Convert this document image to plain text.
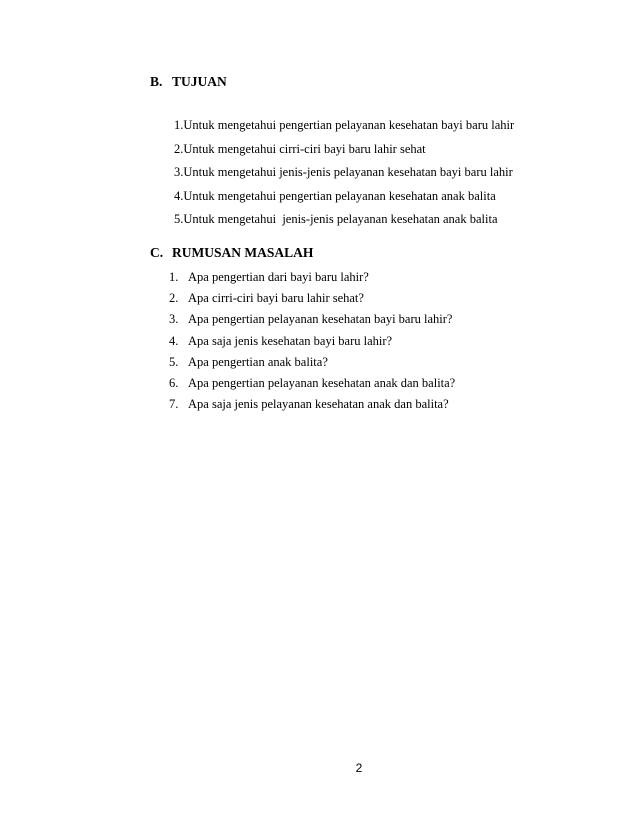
B. TUJUAN
1.Untuk mengetahui pengertian pelayanan kesehatan bayi baru lahir
2.Untuk mengetahui cirri-ciri bayi baru lahir sehat
3.Untuk mengetahui jenis-jenis pelayanan kesehatan bayi baru lahir
4.Untuk mengetahui pengertian pelayanan kesehatan anak balita
5.Untuk mengetahui  jenis-jenis pelayanan kesehatan anak balita
C. RUMUSAN MASALAH
1. Apa pengertian dari bayi baru lahir?
2. Apa cirri-ciri bayi baru lahir sehat?
3. Apa pengertian pelayanan kesehatan bayi baru lahir?
4. Apa saja jenis kesehatan bayi baru lahir?
5. Apa pengertian anak balita?
6. Apa pengertian pelayanan kesehatan anak dan balita?
7. Apa saja jenis pelayanan kesehatan anak dan balita?
2
